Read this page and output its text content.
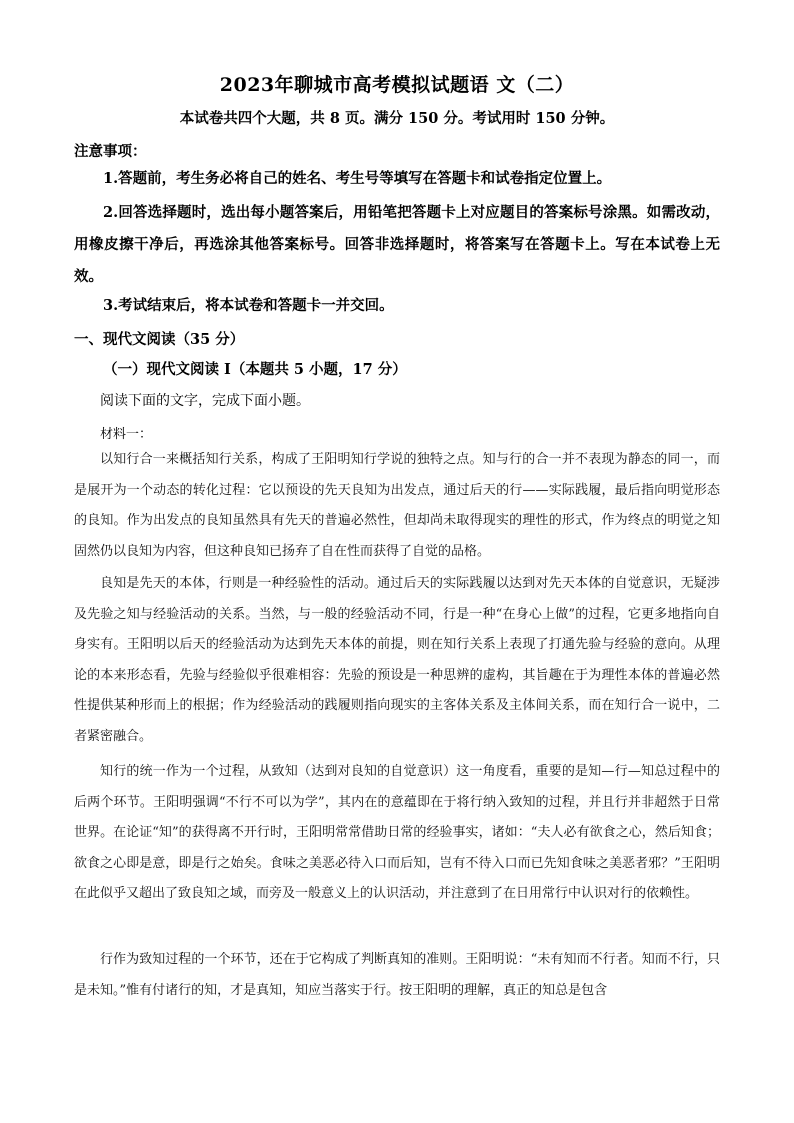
2023年聊城市高考模拟试题语 文（二）
本试卷共四个大题，共 8 页。满分 150 分。考试用时 150 分钟。
注意事项：
1.答题前，考生务必将自己的姓名、考生号等填写在答题卡和试卷指定位置上。
2.回答选择题时，选出每小题答案后，用铅笔把答题卡上对应题目的答案标号涂黑。如需改动，用橡皮擦干净后，再选涂其他答案标号。回答非选择题时，将答案写在答题卡上。写在本试卷上无效。
3.考试结束后，将本试卷和答题卡一并交回。
一、现代文阅读（35 分）
（一）现代文阅读 I（本题共 5 小题，17 分）
阅读下面的文字，完成下面小题。
材料一：
以知行合一来概括知行关系，构成了王阳明知行学说的独特之点。知与行的合一并不表现为静态的同一，而是展开为一个动态的转化过程：它以预设的先天良知为出发点，通过后天的行——实际践履，最后指向明觉形态的良知。作为出发点的良知虽然具有先天的普遍必然性，但却尚未取得现实的理性的形式，作为终点的明觉之知固然仍以良知为内容，但这种良知已扬弃了自在性而获得了自觉的品格。
良知是先天的本体，行则是一种经验性的活动。通过后天的实际践履以达到对先天本体的自觉意识，无疑涉及先验之知与经验活动的关系。当然，与一般的经验活动不同，行是一种“在身心上做”的过程，它更多地指向自身实有。王阳明以后天的经验活动为达到先天本体的前提，则在知行关系上表现了打通先验与经验的意向。从理论的本来形态看，先验与经验似乎很难相容：先验的预设是一种思辨的虚构，其旨趣在于为理性本体的普遍必然性提供某种形而上的根据；作为经验活动的践履则指向现实的主客体关系及主体间关系，而在知行合一说中，二者紧密融合。
知行的统一作为一个过程，从致知（达到对良知的自觉意识）这一角度看，重要的是知—行—知总过程中的后两个环节。王阳明强调“不行不可以为学”，其内在的意蕴即在于将行纳入致知的过程，并且行并非超然于日常世界。在论证“知”的获得离不开行时，王阳明常常借助日常的经验事实，诸如：“夫人必有欲食之心，然后知食；欲食之心即是意，即是行之始矣。食味之美恶必待入口而后知，岂有不待入口而已先知食味之美恶者邪？”王阳明在此似乎又超出了致良知之域，而旁及一般意义上的认识活动，并注意到了在日用常行中认识对行的依赖性。
行作为致知过程的一个环节，还在于它构成了判断真知的准则。王阳明说：“未有知而不行者。知而不行，只是未知。”惟有付诸行的知，才是真知，知应当落实于行。按王阳明的理解，真正的知总是包含
